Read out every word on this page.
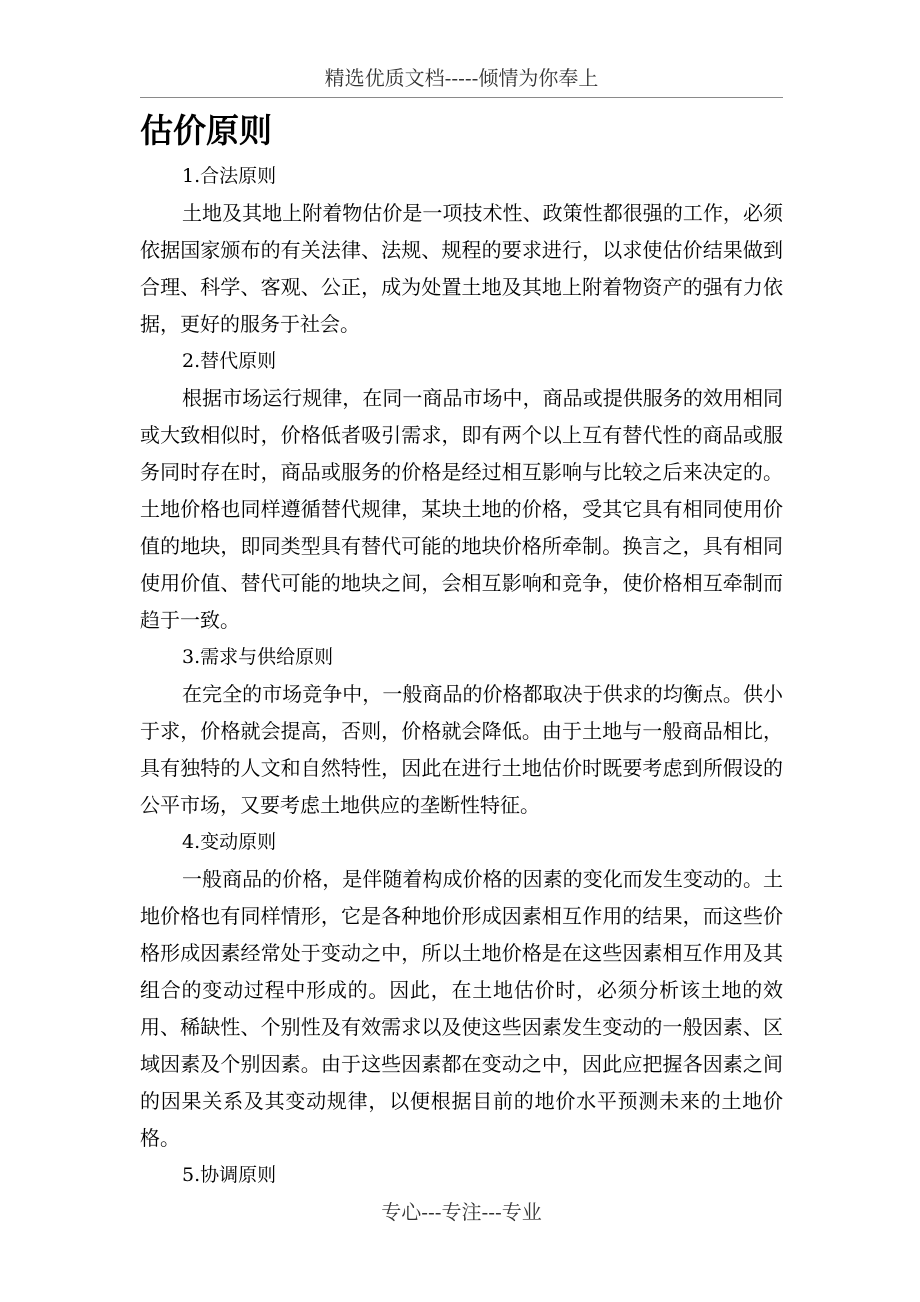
精选优质文档-----倾情为你奉上
估价原则

1.合法原则

土地及其地上附着物估价是一项技术性、政策性都很强的工作，必须依据国家颁布的有关法律、法规、规程的要求进行，以求使估价结果做到合理、科学、客观、公正，成为处置土地及其地上附着物资产的强有力依据，更好的服务于社会。

2.替代原则

根据市场运行规律，在同一商品市场中，商品或提供服务的效用相同或大致相似时，价格低者吸引需求，即有两个以上互有替代性的商品或服务同时存在时，商品或服务的价格是经过相互影响与比较之后来决定的。土地价格也同样遵循替代规律，某块土地的价格，受其它具有相同使用价值的地块，即同类型具有替代可能的地块价格所牵制。换言之，具有相同使用价值、替代可能的地块之间，会相互影响和竞争，使价格相互牵制而趋于一致。

3.需求与供给原则

在完全的市场竞争中，一般商品的价格都取决于供求的均衡点。供小于求，价格就会提高，否则，价格就会降低。由于土地与一般商品相比，具有独特的人文和自然特性，因此在进行土地估价时既要考虑到所假设的公平市场，又要考虑土地供应的垄断性特征。

4.变动原则

一般商品的价格，是伴随着构成价格的因素的变化而发生变动的。土地价格也有同样情形，它是各种地价形成因素相互作用的结果，而这些价格形成因素经常处于变动之中，所以土地价格是在这些因素相互作用及其组合的变动过程中形成的。因此，在土地估价时，必须分析该土地的效用、稀缺性、个别性及有效需求以及使这些因素发生变动的一般因素、区域因素及个别因素。由于这些因素都在变动之中，因此应把握各因素之间的因果关系及其变动规律，以便根据目前的地价水平预测未来的土地价格。

5.协调原则

专心---专注---专业
